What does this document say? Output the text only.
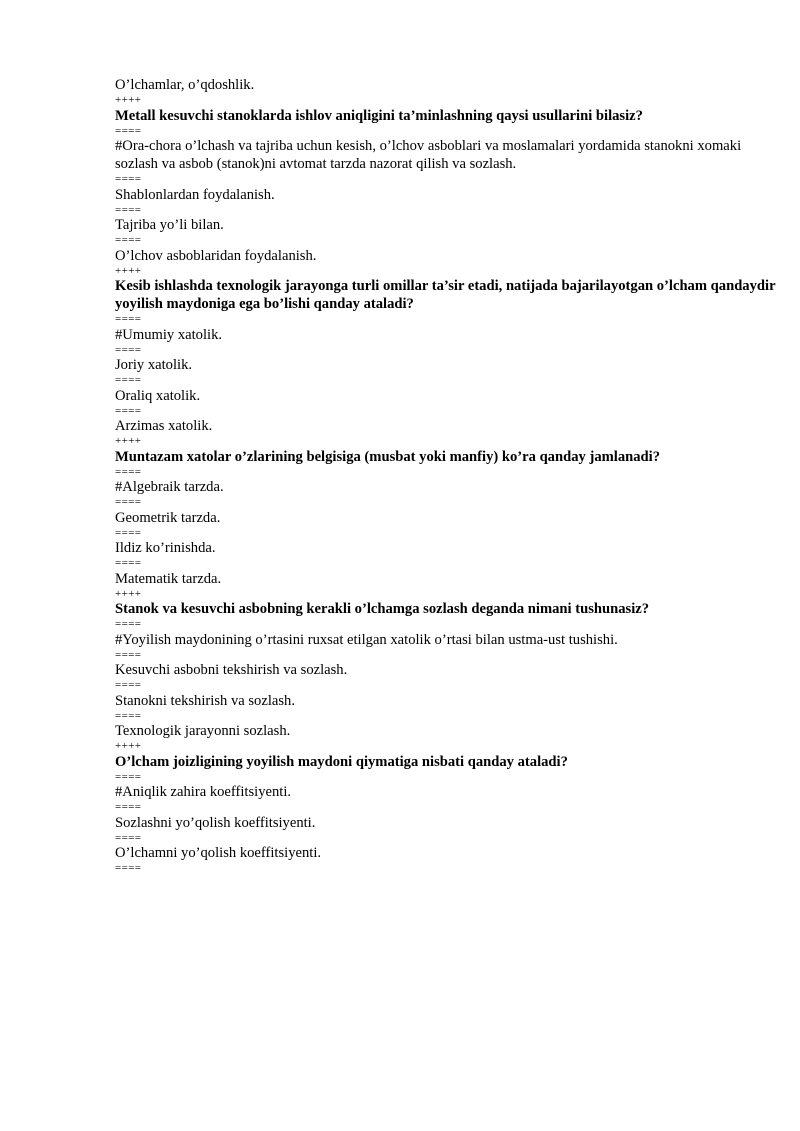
O’lchamlar, o’qdoshlik.
++++
Metall kesuvchi stanoklarda ishlov aniqligini ta’minlashning qaysi usullarini bilasiz?
====
#Ora-chora o’lchash va tajriba uchun kesish, o’lchov asboblari va moslamalari yordamida stanokni xomaki sozlash va asbob (stanok)ni avtomat tarzda nazorat qilish va sozlash.
====
Shablonlardan foydalanish.
====
Tajriba yo’li bilan.
====
O’lchov asboblaridan foydalanish.
++++
Kesib ishlashda texnologik jarayonga turli omillar ta’sir etadi, natijada bajarilayotgan o’lcham qandaydir yoyilish maydoniga ega bo’lishi qanday ataladi?
====
#Umumiy xatolik.
====
Joriy xatolik.
====
Oraliq xatolik.
====
Arzimas xatolik.
++++
Muntazam xatolar o’zlarining belgisiga (musbat yoki manfiy) ko’ra qanday jamlanadi?
====
#Algebraik tarzda.
====
Geometrik tarzda.
====
Ildiz ko’rinishda.
====
Matematik tarzda.
++++
Stanok va kesuvchi asbobning kerakli o’lchamga sozlash deganda nimani tushunasiz?
====
#Yoyilish maydonining o’rtasini ruxsat etilgan xatolik o’rtasi bilan ustma-ust tushishi.
====
Kesuvchi asbobni tekshirish va sozlash.
====
Stanokni tekshirish va sozlash.
====
Texnologik jarayonni sozlash.
++++
O’lcham joizligining yoyilish maydoni qiymatiga nisbati qanday ataladi?
====
#Aniqlik zahira koeffitsiyenti.
====
Sozlashni yo’qolish koeffitsiyenti.
====
O’lchamni yo’qolish koeffitsiyenti.
====
